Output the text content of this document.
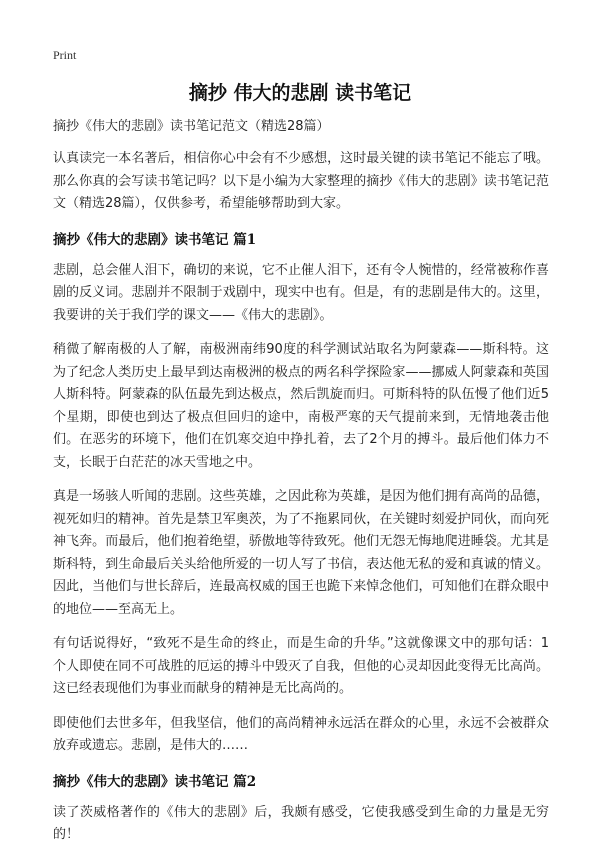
Print
摘抄 伟大的悲剧 读书笔记
摘抄《伟大的悲剧》读书笔记范文（精选28篇）

认真读完一本名著后，相信你心中会有不少感想，这时最关键的读书笔记不能忘了哦。那么你真的会写读书笔记吗？以下是小编为大家整理的摘抄《伟大的悲剧》读书笔记范文（精选28篇），仅供参考，希望能够帮助到大家。

摘抄《伟大的悲剧》读书笔记 篇1

悲剧，总会催人泪下，确切的来说，它不止催人泪下，还有令人惋惜的，经常被称作喜剧的反义词。悲剧并不限制于戏剧中，现实中也有。但是，有的悲剧是伟大的。这里，我要讲的关于我们学的课文——《伟大的悲剧》。

稍微了解南极的人了解，南极洲南纬90度的科学测试站取名为阿蒙森——斯科特。这为了纪念人类历史上最早到达南极洲的极点的两名科学探险家——挪威人阿蒙森和英国人斯科特。阿蒙森的队伍最先到达极点，然后凯旋而归。可斯科特的队伍慢了他们近5个星期，即使也到达了极点但回归的途中，南极严寒的天气提前来到，无情地袭击他们。在恶劣的环境下，他们在饥寒交迫中挣扎着，去了2个月的搏斗。最后他们体力不支，长眠于白茫茫的冰天雪地之中。

真是一场骇人听闻的悲剧。这些英雄，之因此称为英雄，是因为他们拥有高尚的品德，视死如归的精神。首先是禁卫军奥茨，为了不拖累同伙，在关键时刻爱护同伙，而向死神飞奔。而最后，他们抱着绝望，骄傲地等待致死。他们无怨无悔地爬进睡袋。尤其是斯科特，到生命最后关头给他所爱的一切人写了书信，表达他无私的爱和真诚的情义。因此，当他们与世长辞后，连最高权威的国王也跪下来悼念他们，可知他们在群众眼中的地位——至高无上。

有句话说得好，“致死不是生命的终止，而是生命的升华。”这就像课文中的那句话：1个人即使在同不可战胜的厄运的搏斗中毁灭了自我，但他的心灵却因此变得无比高尚。这已经表现他们为事业而献身的精神是无比高尚的。

即使他们去世多年，但我坚信，他们的高尚精神永远活在群众的心里，永远不会被群众放弃或遗忘。悲剧，是伟大的……

摘抄《伟大的悲剧》读书笔记 篇2

读了茨威格著作的《伟大的悲剧》后，我颇有感受，它使我感受到生命的力量是无穷的！
